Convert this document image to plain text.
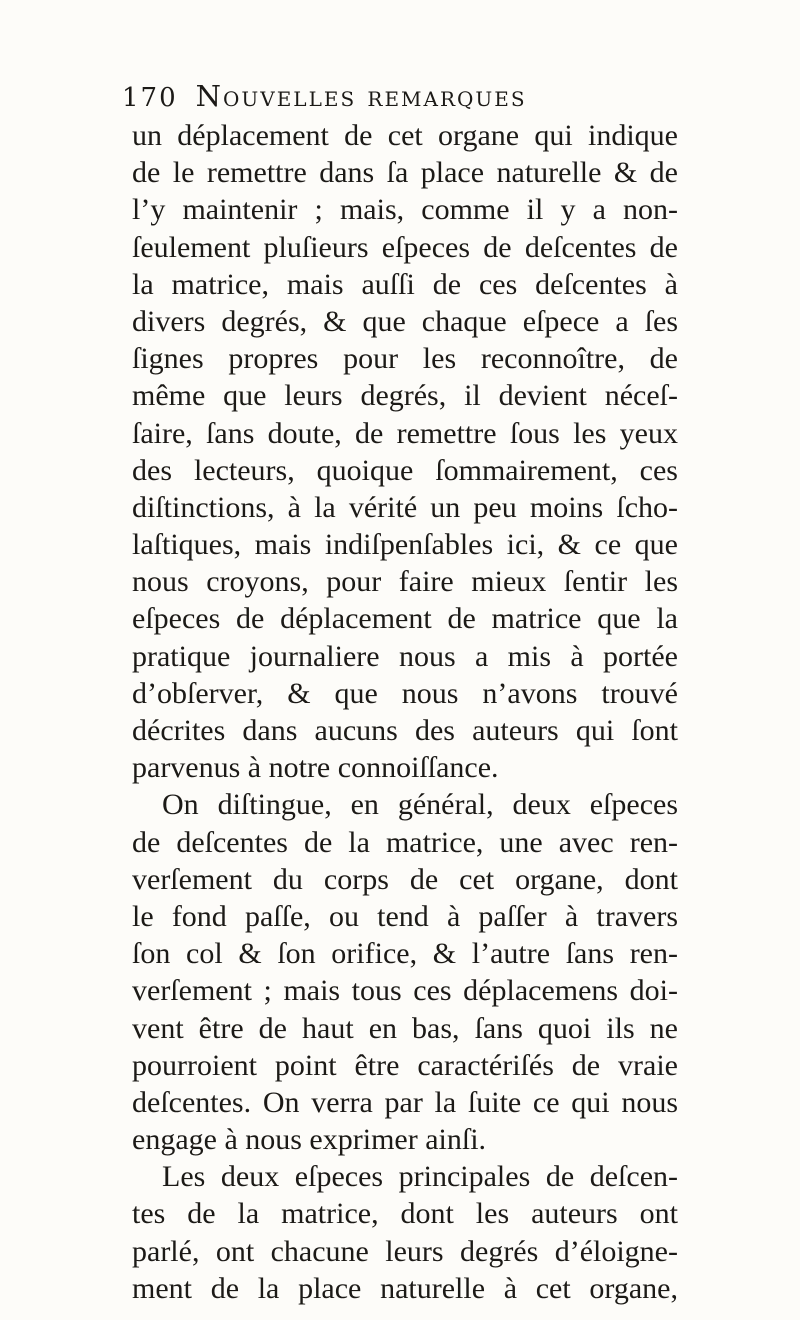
170 Nouvelles remarques
un déplacement de cet organe qui indique
de le remettre dans ſa place naturelle & de
l’y maintenir ; mais, comme il y a non-
ſeulement pluſieurs eſpeces de deſcentes de
la matrice, mais auſſi de ces deſcentes à
divers degrés, & que chaque eſpece a ſes
ſignes propres pour les reconnoître, de
même que leurs degrés, il devient néceſ-
ſaire, ſans doute, de remettre ſous les yeux
des lecteurs, quoique ſommairement, ces
diſtinctions, à la vérité un peu moins ſcho-
laſtiques, mais indiſpenſables ici, & ce que
nous croyons, pour faire mieux ſentir les
eſpeces de déplacement de matrice que la
pratique journaliere nous a mis à portée
d’obſerver, & que nous n’avons trouvé
décrites dans aucuns des auteurs qui ſont
parvenus à notre connoiſſance.
On diſtingue, en général, deux eſpeces
de deſcentes de la matrice, une avec ren-
verſement du corps de cet organe, dont
le fond paſſe, ou tend à paſſer à travers
ſon col & ſon orifice, & l’autre ſans ren-
verſement ; mais tous ces déplacemens doi-
vent être de haut en bas, ſans quoi ils ne
pourroient point être caractériſés de vraie
deſcentes. On verra par la ſuite ce qui nous
engage à nous exprimer ainſi.
Les deux eſpeces principales de deſcen-
tes de la matrice, dont les auteurs ont
parlé, ont chacune leurs degrés d’éloigne-
ment de la place naturelle à cet organe,
